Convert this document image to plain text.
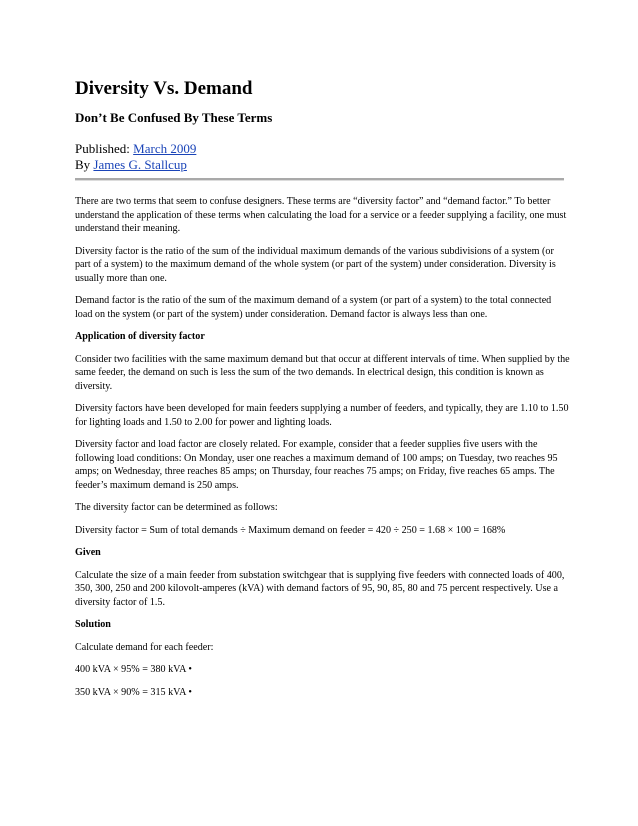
Diversity Vs. Demand
Don’t Be Confused By These Terms
Published: March 2009
By James G. Stallcup

There are two terms that seem to confuse designers. These terms are “diversity factor” and “demand factor.” To better understand the application of these terms when calculating the load for a service or a feeder supplying a facility, one must understand their meaning.

Diversity factor is the ratio of the sum of the individual maximum demands of the various subdivisions of a system (or part of a system) to the maximum demand of the whole system (or part of the system) under consideration. Diversity is usually more than one.

Demand factor is the ratio of the sum of the maximum demand of a system (or part of a system) to the total connected load on the system (or part of the system) under consideration. Demand factor is always less than one.

Application of diversity factor

Consider two facilities with the same maximum demand but that occur at different intervals of time. When supplied by the same feeder, the demand on such is less the sum of the two demands. In electrical design, this condition is known as diversity.

Diversity factors have been developed for main feeders supplying a number of feeders, and typically, they are 1.10 to 1.50 for lighting loads and 1.50 to 2.00 for power and lighting loads.

Diversity factor and load factor are closely related. For example, consider that a feeder supplies five users with the following load conditions: On Monday, user one reaches a maximum demand of 100 amps; on Tuesday, two reaches 95 amps; on Wednesday, three reaches 85 amps; on Thursday, four reaches 75 amps; on Friday, five reaches 65 amps. The feeder’s maximum demand is 250 amps.

The diversity factor can be determined as follows:

Diversity factor = Sum of total demands ÷ Maximum demand on feeder = 420 ÷ 250 = 1.68 × 100 = 168%

Given

Calculate the size of a main feeder from substation switchgear that is supplying five feeders with connected loads of 400, 350, 300, 250 and 200 kilovolt-amperes (kVA) with demand factors of 95, 90, 85, 80 and 75 percent respectively. Use a diversity factor of 1.5.

Solution

Calculate demand for each feeder:

400 kVA × 95% = 380 kVA •

350 kVA × 90% = 315 kVA •
